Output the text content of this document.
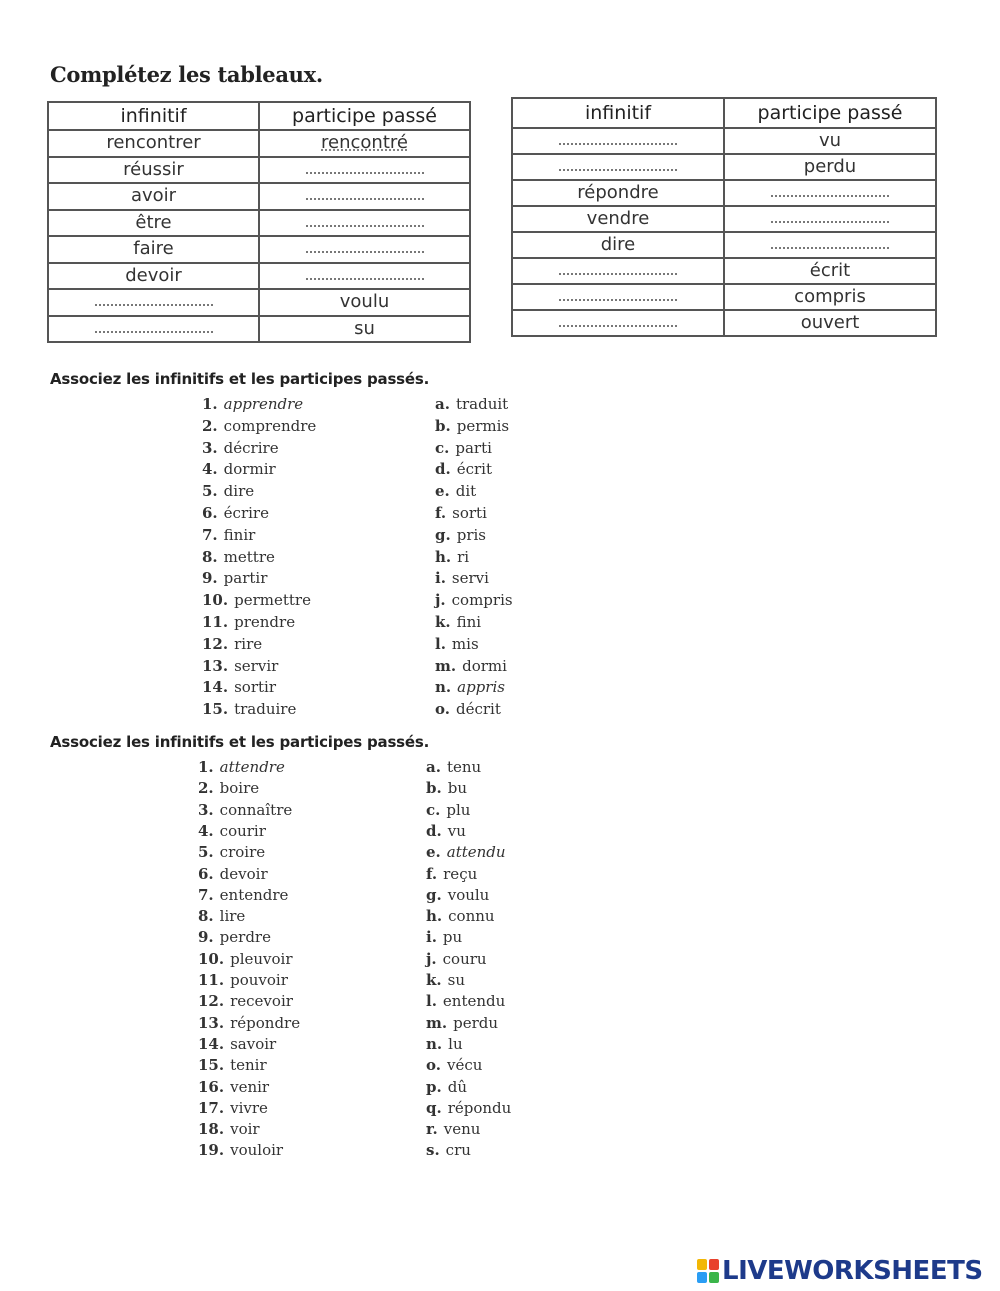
Complétez les tableaux.
infinitif	participe passé
rencontrer	rencontré
réussir	
avoir	
être	
faire	
devoir	
	voulu
	su
infinitif	participe passé
	vu
	perdu
répondre	
vendre	
dire	
	écrit
	compris
	ouvert
Associez les infinitifs et les participes passés.
1. apprendre
2. comprendre
3. décrire
4. dormir
5. dire
6. écrire
7. finir
8. mettre
9. partir
10. permettre
11. prendre
12. rire
13. servir
14. sortir
15. traduire
a. traduit
b. permis
c. parti
d. écrit
e. dit
f. sorti
g. pris
h. ri
i. servi
j. compris
k. fini
l. mis
m. dormi
n. appris
o. décrit
Associez les infinitifs et les participes passés.
1. attendre
2. boire
3. connaître
4. courir
5. croire
6. devoir
7. entendre
8. lire
9. perdre
10. pleuvoir
11. pouvoir
12. recevoir
13. répondre
14. savoir
15. tenir
16. venir
17. vivre
18. voir
19. vouloir
a. tenu
b. bu
c. plu
d. vu
e. attendu
f. reçu
g. voulu
h. connu
i. pu
j. couru
k. su
l. entendu
m. perdu
n. lu
o. vécu
p. dû
q. répondu
r. venu
s. cru
LIVEWORKSHEETS
